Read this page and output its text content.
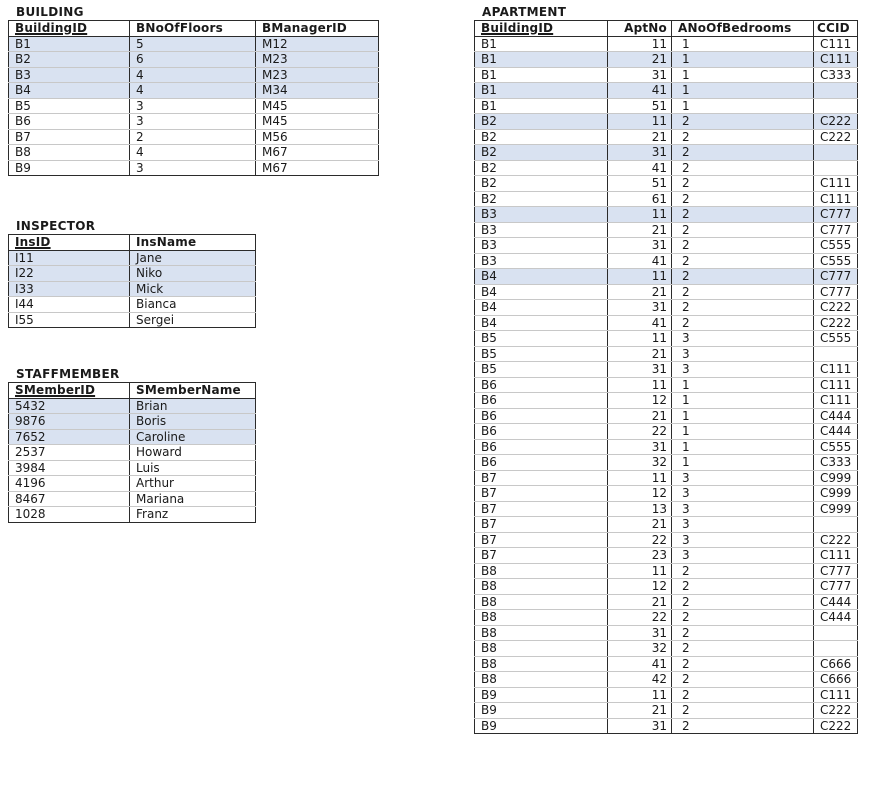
BUILDING
BuildingID	BNoOfFloors	BManagerID
B1	5	M12
B2	6	M23
B3	4	M23
B4	4	M34
B5	3	M45
B6	3	M45
B7	2	M56
B8	4	M67
B9	3	M67
INSPECTOR
InsID	InsName
I11	Jane
I22	Niko
I33	Mick
I44	Bianca
I55	Sergei
STAFFMEMBER
SMemberID	SMemberName
5432	Brian
9876	Boris
7652	Caroline
2537	Howard
3984	Luis
4196	Arthur
8467	Mariana
1028	Franz
APARTMENT
BuildingID	AptNo	ANoOfBedrooms	CCID
B1	11	1	C111
B1	21	1	C111
B1	31	1	C333
B1	41	1	
B1	51	1	
B2	11	2	C222
B2	21	2	C222
B2	31	2	
B2	41	2	
B2	51	2	C111
B2	61	2	C111
B3	11	2	C777
B3	21	2	C777
B3	31	2	C555
B3	41	2	C555
B4	11	2	C777
B4	21	2	C777
B4	31	2	C222
B4	41	2	C222
B5	11	3	C555
B5	21	3	
B5	31	3	C111
B6	11	1	C111
B6	12	1	C111
B6	21	1	C444
B6	22	1	C444
B6	31	1	C555
B6	32	1	C333
B7	11	3	C999
B7	12	3	C999
B7	13	3	C999
B7	21	3	
B7	22	3	C222
B7	23	3	C111
B8	11	2	C777
B8	12	2	C777
B8	21	2	C444
B8	22	2	C444
B8	31	2	
B8	32	2	
B8	41	2	C666
B8	42	2	C666
B9	11	2	C111
B9	21	2	C222
B9	31	2	C222
